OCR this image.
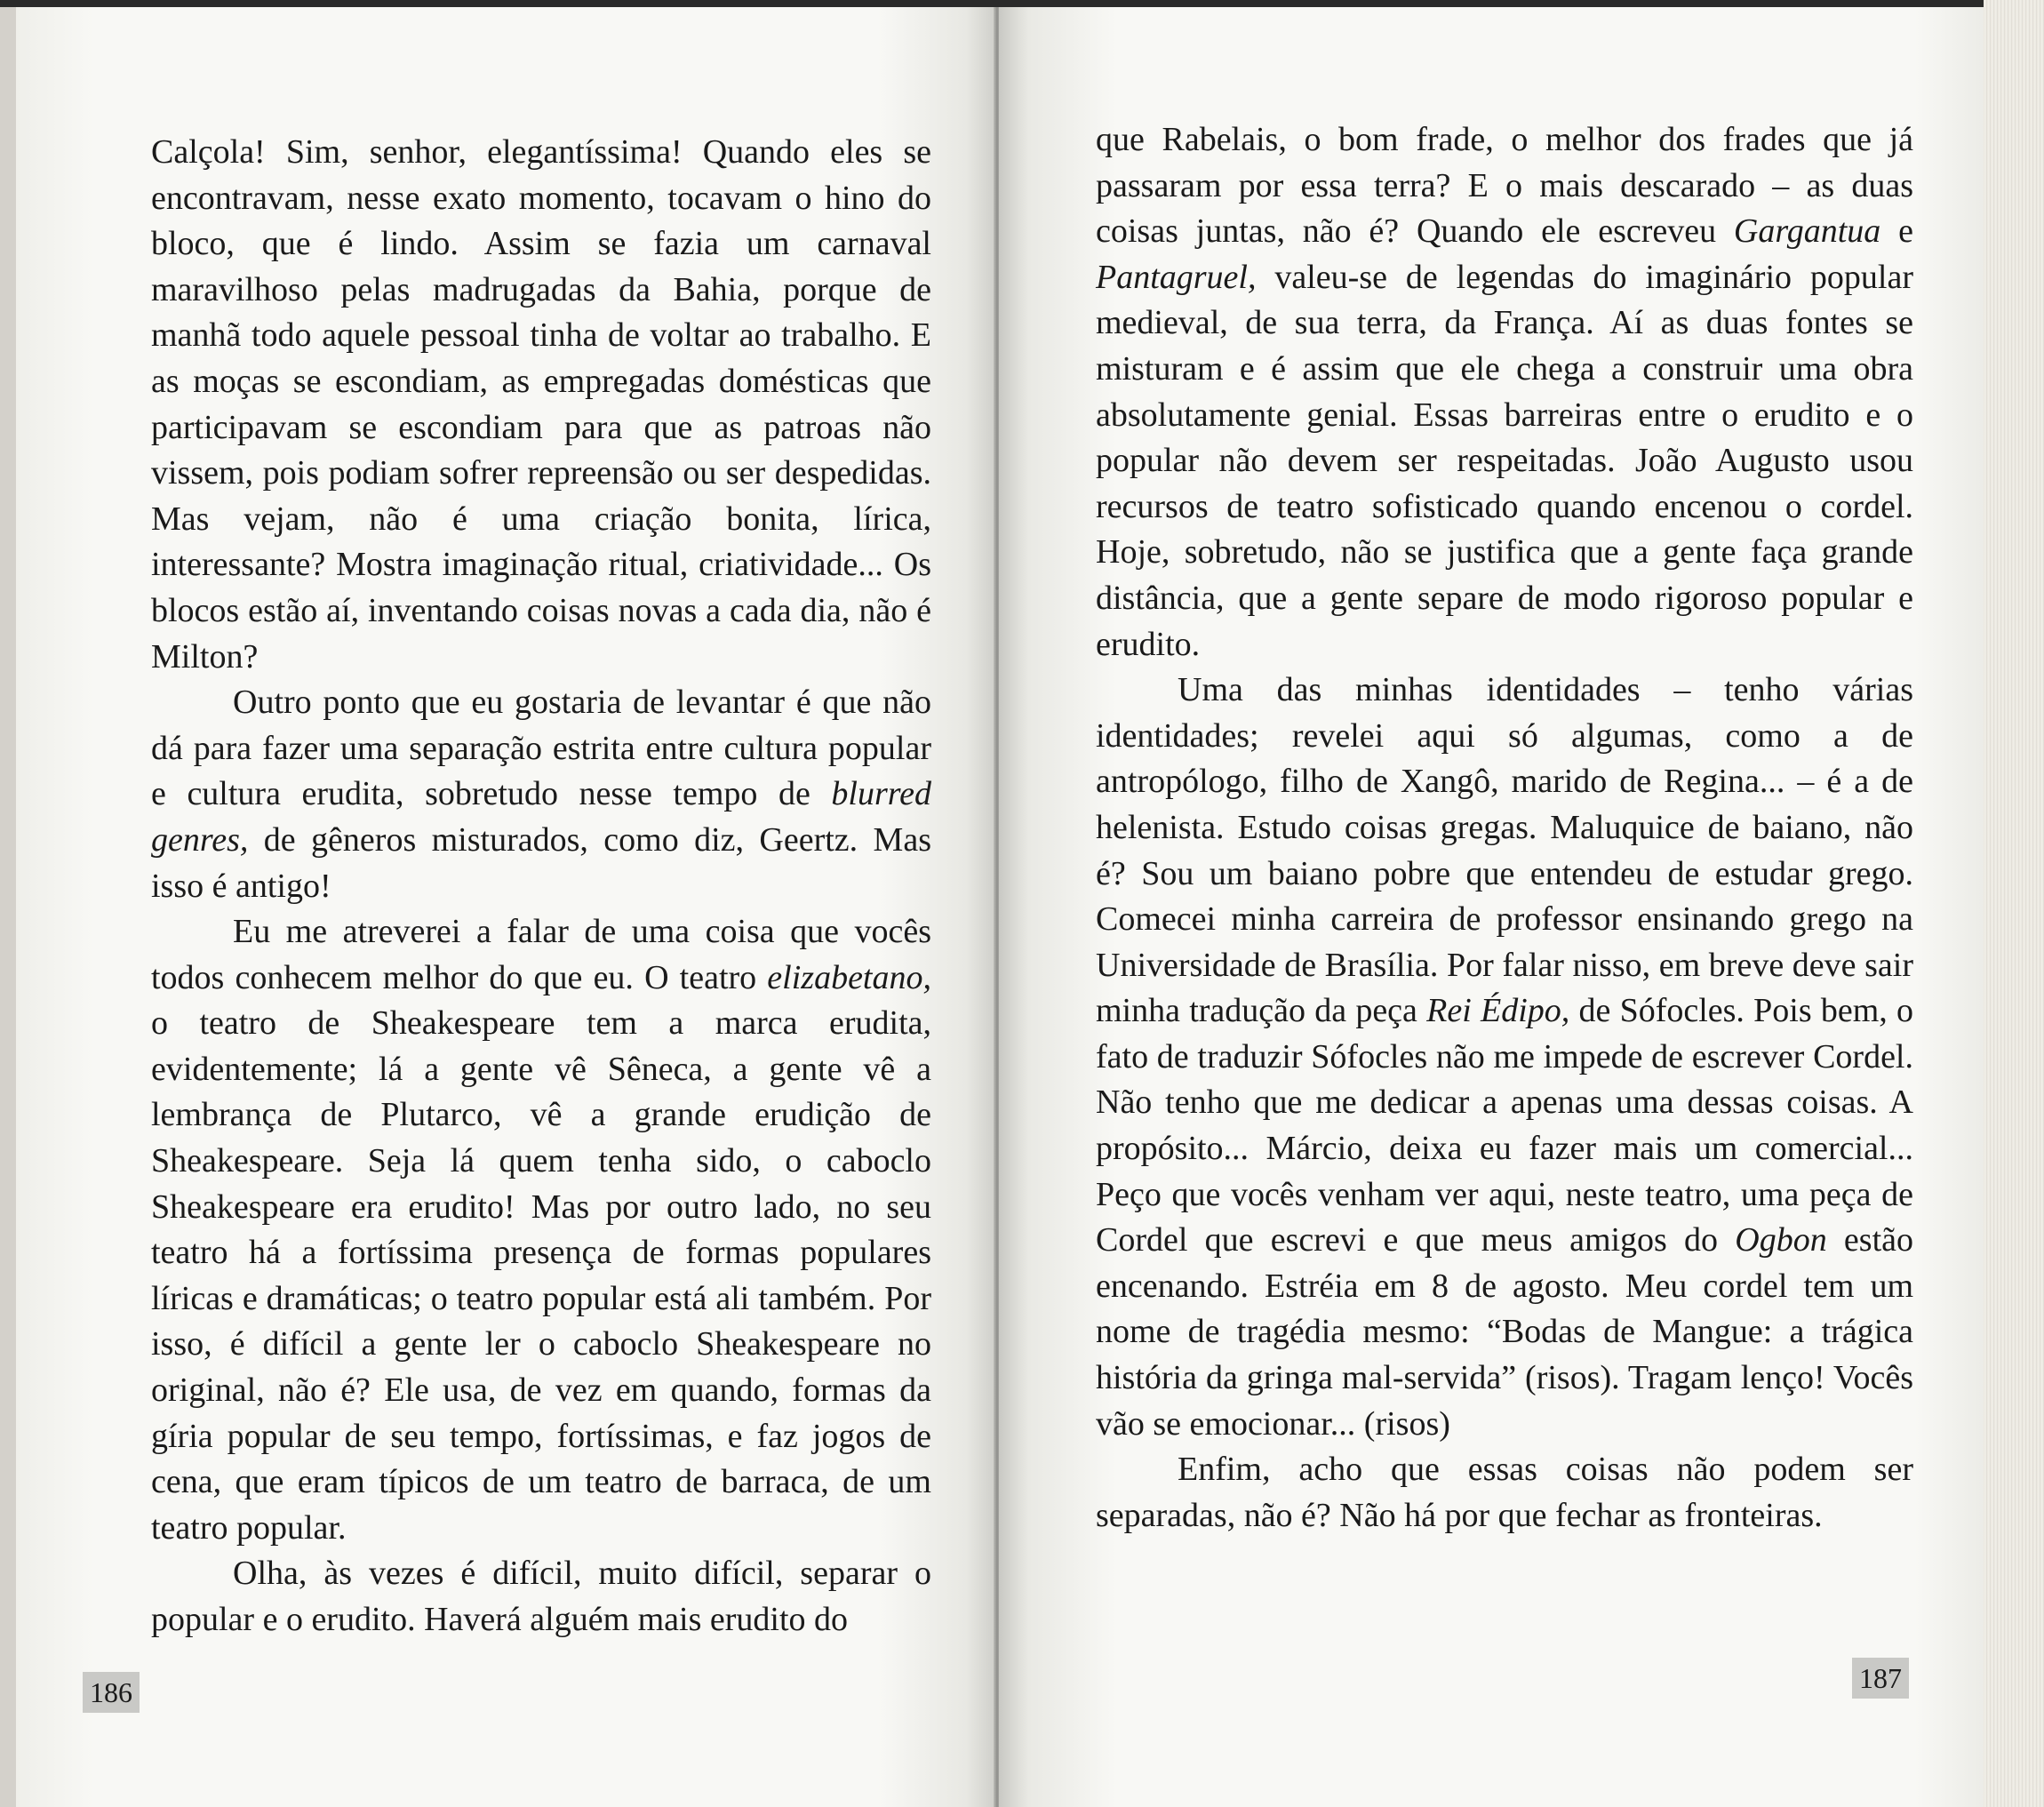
Calçola! Sim, senhor, elegantíssima! Quando eles se encontravam, nesse exato momento, tocavam o hino do bloco, que é lindo. Assim se fazia um carnaval maravilhoso pelas madrugadas da Bahia, porque de manhã todo aquele pessoal tinha de voltar ao trabalho. E as moças se escondiam, as empregadas domésticas que participavam se escondiam para que as patroas não vissem, pois podiam sofrer repreensão ou ser despedidas. Mas vejam, não é uma criação bonita, lírica, interessante? Mostra imaginação ritual, criatividade... Os blocos estão aí, inventando coisas novas a cada dia, não é Milton?

Outro ponto que eu gostaria de levantar é que não dá para fazer uma separação estrita entre cultura popular e cultura erudita, sobretudo nesse tempo de blurred genres, de gêneros misturados, como diz, Geertz. Mas isso é antigo!

Eu me atreverei a falar de uma coisa que vocês todos conhecem melhor do que eu. O teatro elizabetano, o teatro de Sheakespeare tem a marca erudita, evidentemente; lá a gente vê Sêneca, a gente vê a lembrança de Plutarco, vê a grande erudição de Sheakespeare. Seja lá quem tenha sido, o caboclo Sheakespeare era erudito! Mas por outro lado, no seu teatro há a fortíssima presença de formas populares líricas e dramáticas; o teatro popular está ali também. Por isso, é difícil a gente ler o caboclo Sheakespeare no original, não é? Ele usa, de vez em quando, formas da gíria popular de seu tempo, fortíssimas, e faz jogos de cena, que eram típicos de um teatro de barraca, de um teatro popular.

Olha, às vezes é difícil, muito difícil, separar o popular e o erudito. Haverá alguém mais erudito do

186

que Rabelais, o bom frade, o melhor dos frades que já passaram por essa terra? E o mais descarado – as duas coisas juntas, não é? Quando ele escreveu Gargantua e Pantagruel, valeu-se de legendas do imaginário popular medieval, de sua terra, da França. Aí as duas fontes se misturam e é assim que ele chega a construir uma obra absolutamente genial. Essas barreiras entre o erudito e o popular não devem ser respeitadas. João Augusto usou recursos de teatro sofisticado quando encenou o cordel. Hoje, sobretudo, não se justifica que a gente faça grande distância, que a gente separe de modo rigoroso popular e erudito.

Uma das minhas identidades – tenho várias identidades; revelei aqui só algumas, como a de antropólogo, filho de Xangô, marido de Regina... – é a de helenista. Estudo coisas gregas. Maluquice de baiano, não é? Sou um baiano pobre que entendeu de estudar grego. Comecei minha carreira de professor ensinando grego na Universidade de Brasília. Por falar nisso, em breve deve sair minha tradução da peça Rei Édipo, de Sófocles. Pois bem, o fato de traduzir Sófocles não me impede de escrever Cordel. Não tenho que me dedicar a apenas uma dessas coisas. A propósito... Márcio, deixa eu fazer mais um comercial... Peço que vocês venham ver aqui, neste teatro, uma peça de Cordel que escrevi e que meus amigos do Ogbon estão encenando. Estréia em 8 de agosto. Meu cordel tem um nome de tragédia mesmo: “Bodas de Mangue: a trágica história da gringa mal-servida” (risos). Tragam lenço! Vocês vão se emocionar... (risos)

Enfim, acho que essas coisas não podem ser separadas, não é? Não há por que fechar as fronteiras.

187
